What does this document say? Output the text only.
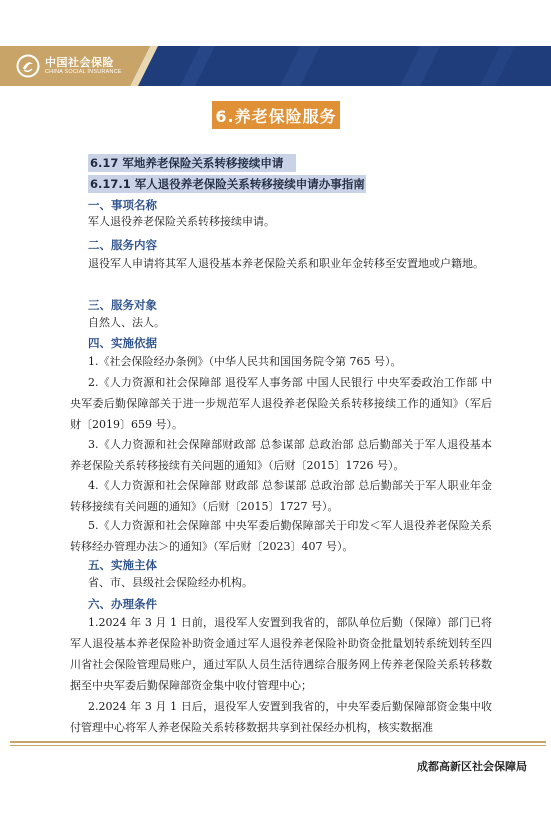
中国社会保险
CHINA SOCIAL INSURANCE
6.养老保险服务
6.17 军地养老保险关系转移接续申请
6.17.1 军人退役养老保险关系转移接续申请办事指南
一、事项名称

军人退役养老保险关系转移接续申请。

二、服务内容

退役军人申请将其军人退役基本养老保险关系和职业年金转移至安置地或户籍地。

三、服务对象

自然人、法人。

四、实施依据

1.《社会保险经办条例》（中华人民共和国国务院令第 765 号）。

2.《人力资源和社会保障部 退役军人事务部 中国人民银行 中央军委政治工作部 中央军委后勤保障部关于进一步规范军人退役养老保险关系转移接续工作的通知》（军后财〔2019〕659 号）。

3.《人力资源和社会保障部财政部 总参谋部 总政治部 总后勤部关于军人退役基本养老保险关系转移接续有关问题的通知》（后财〔2015〕1726 号）。

4.《人力资源和社会保障部 财政部 总参谋部 总政治部 总后勤部关于军人职业年金转移接续有关问题的通知》（后财〔2015〕1727 号）。

5.《人力资源和社会保障部 中央军委后勤保障部关于印发＜军人退役养老保险关系转移经办管理办法＞的通知》（军后财〔2023〕407 号）。

五、实施主体

省、市、县级社会保险经办机构。

六、办理条件

1.2024 年 3 月 1 日前，退役军人安置到我省的，部队单位后勤（保障）部门已将军人退役基本养老保险补助资金通过军人退役养老保险补助资金批量划转系统划转至四川省社会保险管理局账户，通过军队人员生活待遇综合服务网上传养老保险关系转移数据至中央军委后勤保障部资金集中收付管理中心；

2.2024 年 3 月 1 日后，退役军人安置到我省的，中央军委后勤保障部资金集中收付管理中心将军人养老保险关系转移数据共享到社保经办机构，核实数据准

成都高新区社会保障局
